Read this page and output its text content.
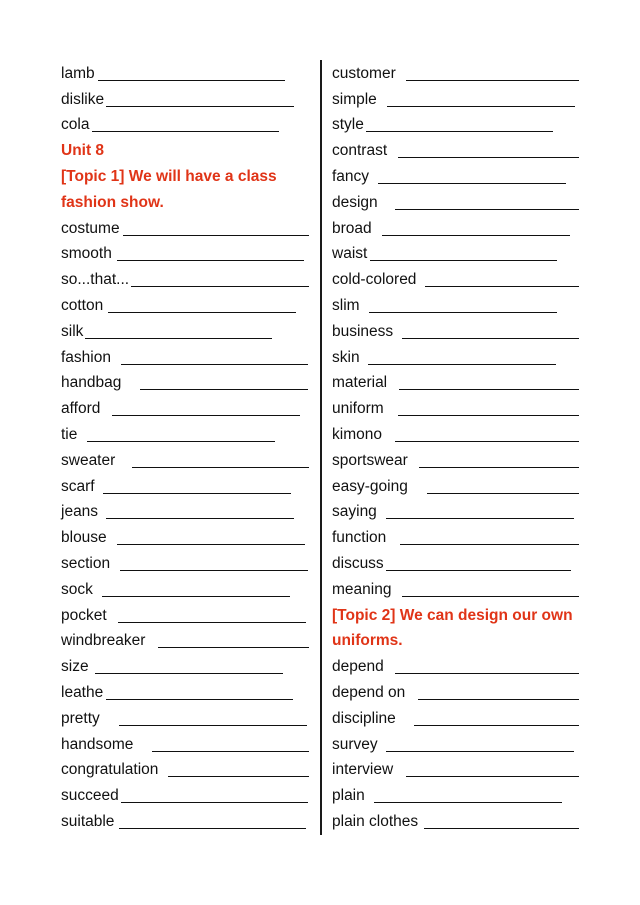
lamb
dislike
cola
Unit 8
[Topic 1] We will have a class
fashion show.
costume
smooth
so...that...
cotton
silk
fashion
handbag
afford
tie
sweater
scarf
jeans
blouse
section
sock
pocket
windbreaker
size
leathe
pretty
handsome
congratulation
succeed
suitable
customer
simple
style
contrast
fancy
design
broad
waist
cold-colored
slim
business
skin
material
uniform
kimono
sportswear
easy-going
saying
function
discuss
meaning
[Topic 2] We can design our own
uniforms.
depend
depend on
discipline
survey
interview
plain
plain clothes
